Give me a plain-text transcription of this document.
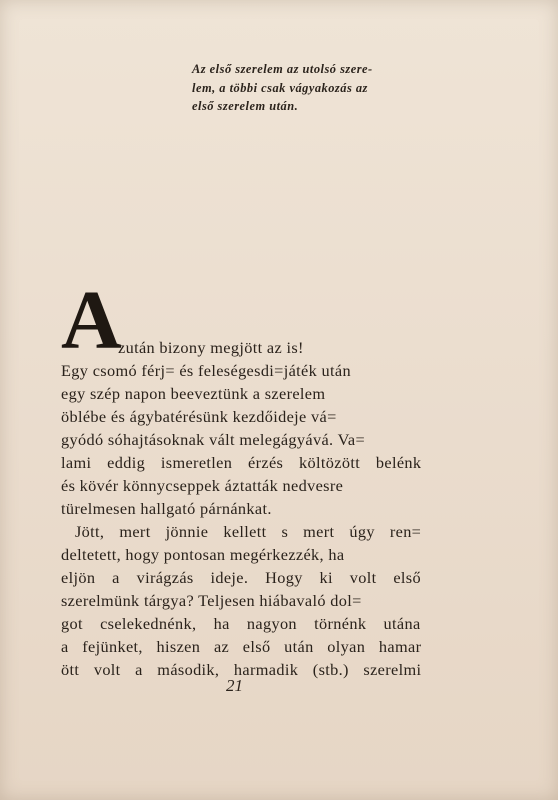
Az első szerelem az utolsó szere-
lem, a többi csak vágyakozás az
első szerelem után.
A
zután bizony megjött az is!
Egy csomó férj= és feleségesdi=játék után
egy szép napon beeveztünk a szerelem
öblébe és ágybatérésünk kezdőideje vá=
gyódó sóhajtásoknak vált melegágyává. Va=
lami eddig ismeretlen érzés költözött belénk
és kövér könnycseppek áztatták nedvesre
türelmesen hallgató párnánkat.
Jött, mert jönnie kellett s mert úgy ren=
deltetett, hogy pontosan megérkezzék, ha
eljön a virágzás ideje. Hogy ki volt első
szerelmünk tárgya? Teljesen hiábavaló dol=
got cselekednénk, ha nagyon törnénk utána
a fejünket, hiszen az első után olyan hamar
ött volt a második, harmadik (stb.) szerelmi
21
